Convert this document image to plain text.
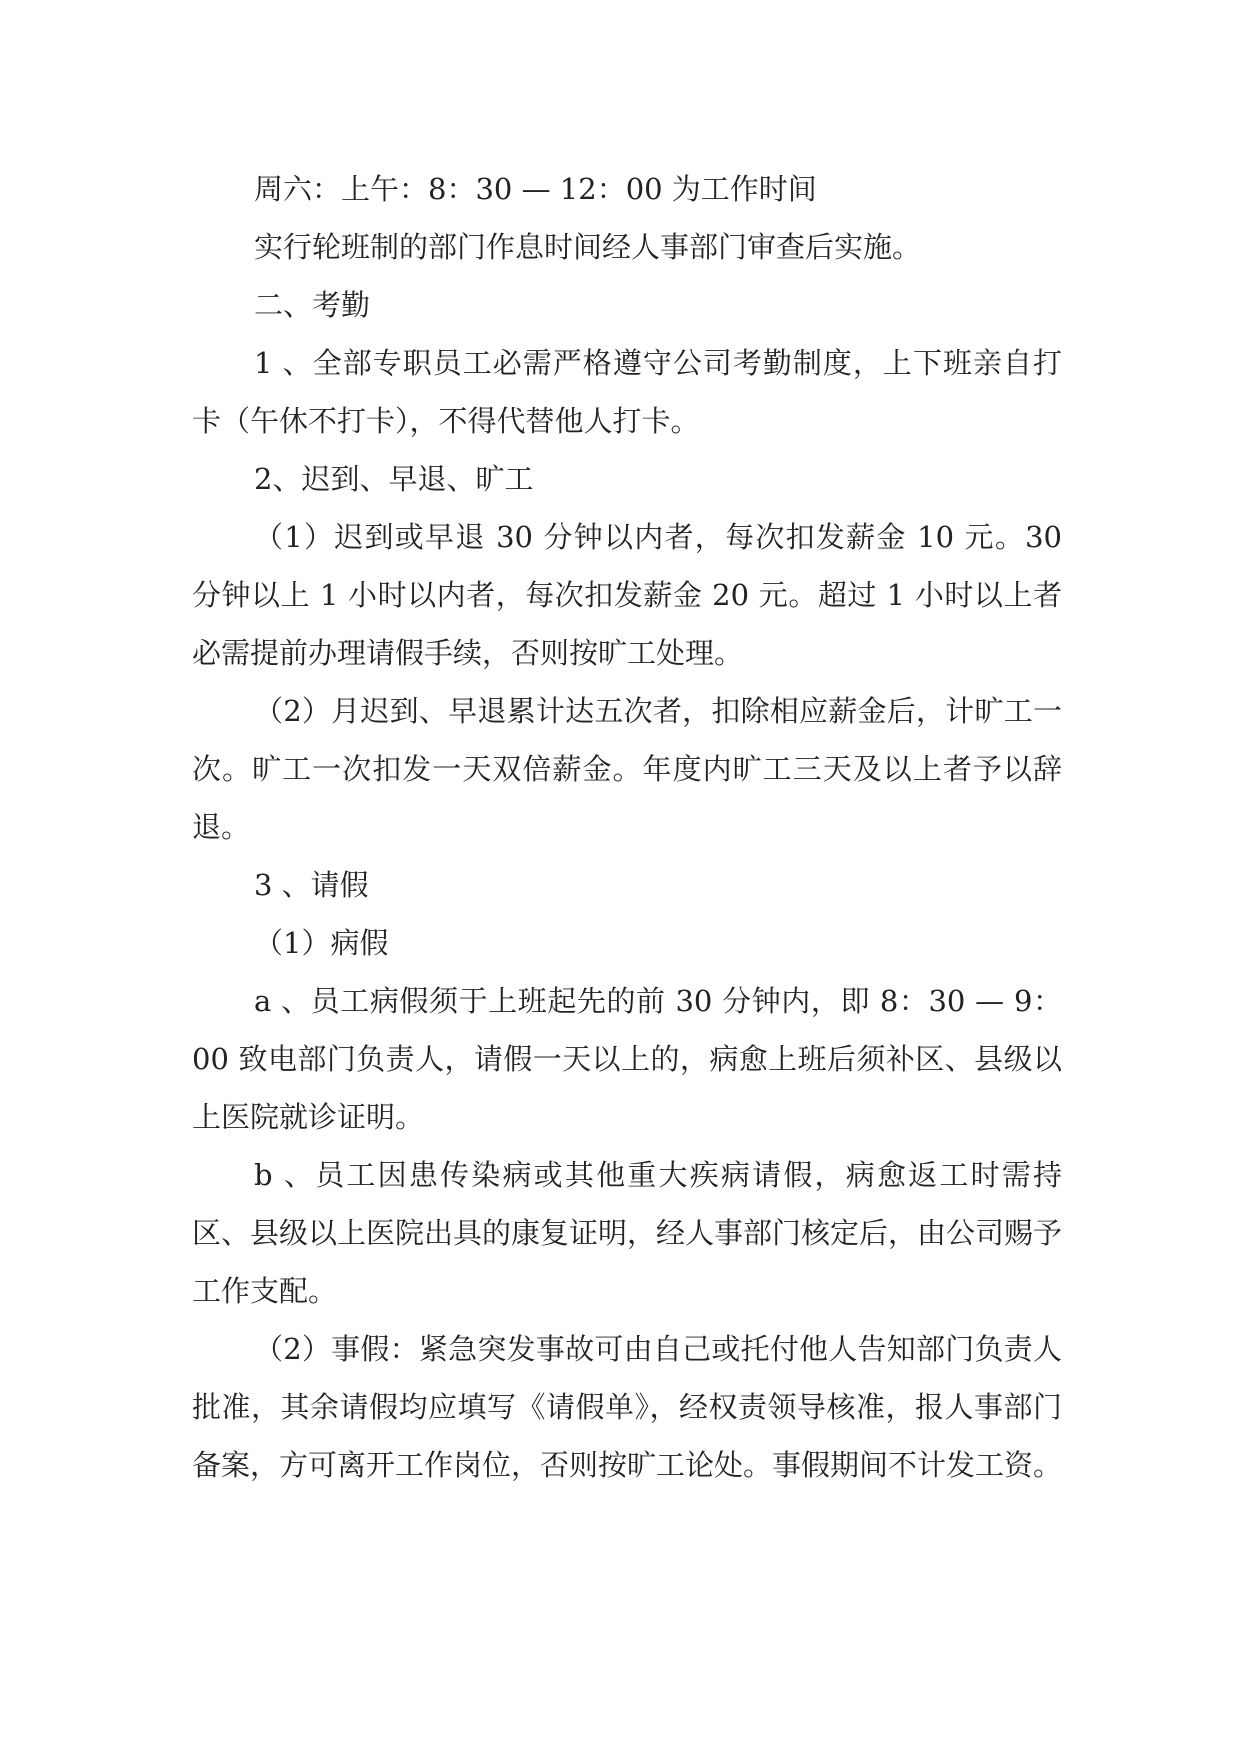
周六：上午：8：30 — 12：00 为工作时间

实行轮班制的部门作息时间经人事部门审查后实施。

二、考勤

1 、全部专职员工必需严格遵守公司考勤制度，上下班亲自打卡（午休不打卡），不得代替他人打卡。

2、迟到、早退、旷工

（1）迟到或早退 30 分钟以内者，每次扣发薪金 10 元。30 分钟以上 1 小时以内者，每次扣发薪金 20 元。超过 1 小时以上者必需提前办理请假手续，否则按旷工处理。

（2）月迟到、早退累计达五次者，扣除相应薪金后，计旷工一次。旷工一次扣发一天双倍薪金。年度内旷工三天及以上者予以辞退。

3 、请假

（1）病假

a 、员工病假须于上班起先的前 30 分钟内，即 8：30 — 9：00 致电部门负责人，请假一天以上的，病愈上班后须补区、县级以上医院就诊证明。

b 、员工因患传染病或其他重大疾病请假，病愈返工时需持区、县级以上医院出具的康复证明，经人事部门核定后，由公司赐予工作支配。

（2）事假：紧急突发事故可由自己或托付他人告知部门负责人批准，其余请假均应填写《请假单》，经权责领导核准，报人事部门备案，方可离开工作岗位，否则按旷工论处。事假期间不计发工资。
